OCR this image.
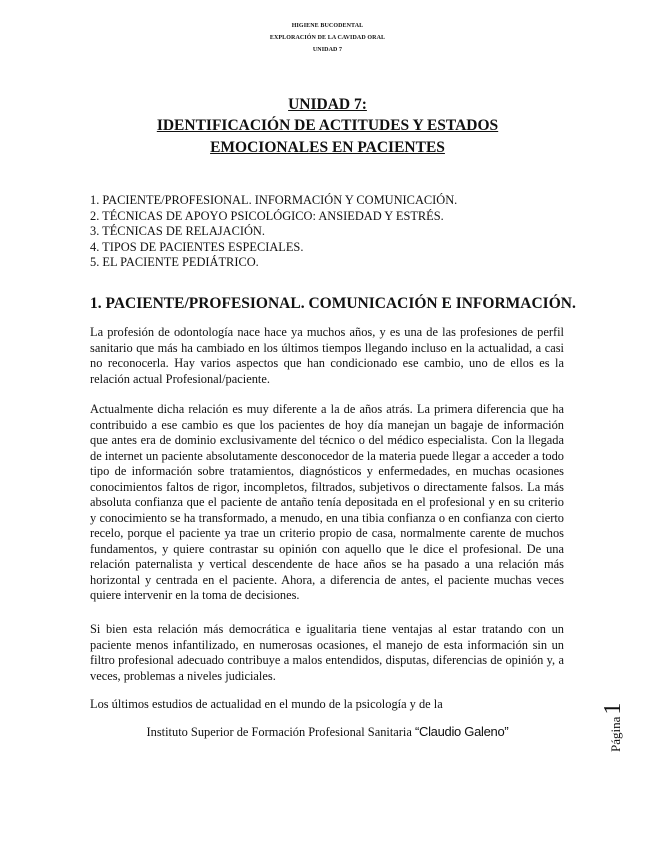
HIGIENE BUCODENTAL
EXPLORACIÓN DE LA CAVIDAD ORAL
UNIDAD 7
UNIDAD 7:
IDENTIFICACIÓN DE ACTITUDES Y ESTADOS
EMOCIONALES EN PACIENTES
1. PACIENTE/PROFESIONAL. INFORMACIÓN Y COMUNICACIÓN.
2. TÉCNICAS DE APOYO PSICOLÓGICO: ANSIEDAD Y ESTRÉS.
3. TÉCNICAS DE RELAJACIÓN.
4. TIPOS DE PACIENTES ESPECIALES.
5. EL PACIENTE PEDIÁTRICO.
1. PACIENTE/PROFESIONAL. COMUNICACIÓN E INFORMACIÓN.
La profesión de odontología nace hace ya muchos años, y es una de las profesiones de perfil sanitario que más ha cambiado en los últimos tiempos llegando incluso en la actualidad, a casi no reconocerla. Hay varios aspectos que han condicionado ese cambio, uno de ellos es la relación actual Profesional/paciente.
Actualmente dicha relación es muy diferente a la de años atrás. La primera diferencia que ha contribuido a ese cambio es que los pacientes de hoy día manejan un bagaje de información que antes era de dominio exclusivamente del técnico o del médico especialista. Con la llegada de internet un paciente absolutamente desconocedor de la materia puede llegar a acceder a todo tipo de información sobre tratamientos, diagnósticos y enfermedades, en muchas ocasiones conocimientos faltos de rigor, incompletos, filtrados, subjetivos o directamente falsos. La más absoluta confianza que el paciente de antaño tenía depositada en el profesional y en su criterio y conocimiento se ha transformado, a menudo, en una tibia confianza o en confianza con cierto recelo, porque el paciente ya trae un criterio propio de casa, normalmente carente de muchos fundamentos, y quiere contrastar su opinión con aquello que le dice el profesional. De una relación paternalista y vertical descendente de hace años se ha pasado a una relación más horizontal y centrada en el paciente. Ahora, a diferencia de antes, el paciente muchas veces quiere intervenir en la toma de decisiones.
Si bien esta relación más democrática e igualitaria tiene ventajas al estar tratando con un paciente menos infantilizado, en numerosas ocasiones, el manejo de esta información sin un filtro profesional adecuado contribuye a malos entendidos, disputas, diferencias de opinión y, a veces, problemas a niveles judiciales.
Los últimos estudios de actualidad en el mundo de la psicología y de la
Instituto Superior de Formación Profesional Sanitaria “Claudio Galeno”	Página1
